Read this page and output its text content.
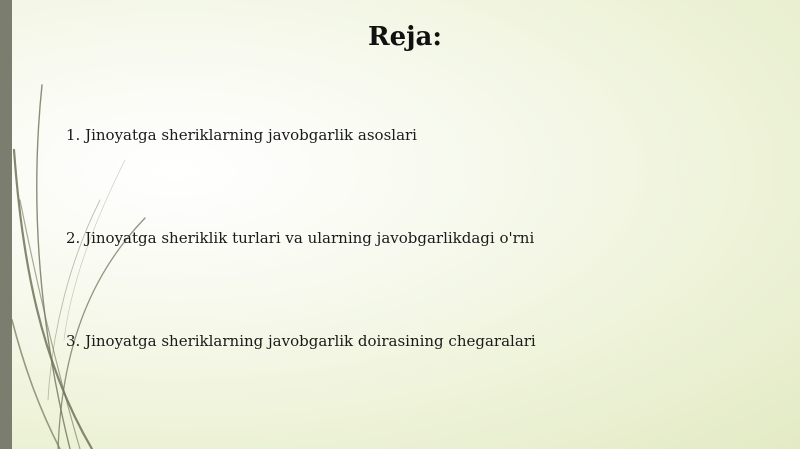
Reja:
1. Jinoyatga sheriklarning javobgarlik asoslari
2. Jinoyatga sheriklik turlari va ularning javobgarlikdagi o'rni
3. Jinoyatga sheriklarning javobgarlik doirasining chegaralari
